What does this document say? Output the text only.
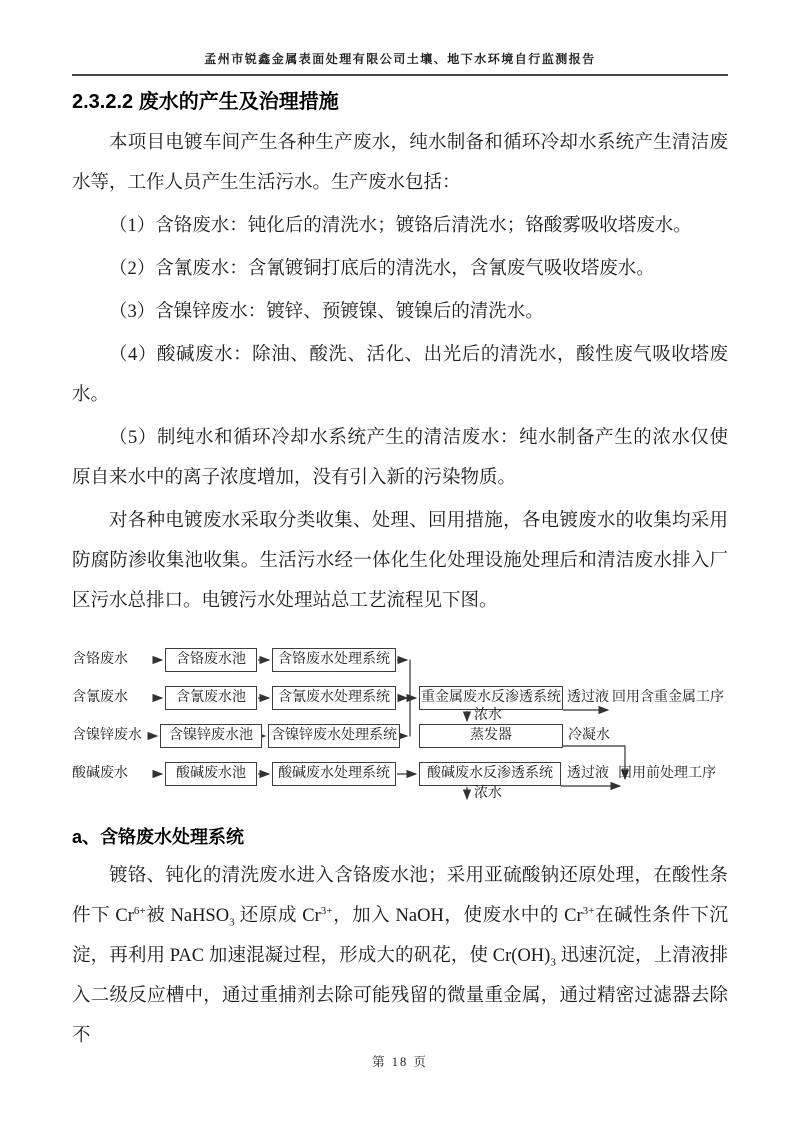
孟州市锐鑫金属表面处理有限公司土壤、地下水环境自行监测报告
2.3.2.2 废水的产生及治理措施

本项目电镀车间产生各种生产废水，纯水制备和循环冷却水系统产生清洁废水等，工作人员产生生活污水。生产废水包括：

（1）含铬废水：钝化后的清洗水；镀铬后清洗水；铬酸雾吸收塔废水。

（2）含氰废水：含氰镀铜打底后的清洗水，含氰废气吸收塔废水。

（3）含镍锌废水：镀锌、预镀镍、镀镍后的清洗水。

（4）酸碱废水：除油、酸洗、活化、出光后的清洗水，酸性废气吸收塔废水。

（5）制纯水和循环冷却水系统产生的清洁废水：纯水制备产生的浓水仅使原自来水中的离子浓度增加，没有引入新的污染物质。

对各种电镀废水采取分类收集、处理、回用措施，各电镀废水的收集均采用防腐防渗收集池收集。生活污水经一体化生化处理设施处理后和清洁废水排入厂区污水总排口。电镀污水处理站总工艺流程见下图。

含铬废水
含氰废水
含镍锌废水
酸碱废水
含铬废水池
含氰废水池
含镍锌废水池
酸碱废水池
含铬废水处理系统
含氰废水处理系统
含镍锌废水处理系统
酸碱废水处理系统
重金属废水反渗透系统 透过液 回用含重金属工序
浓水
蒸发器	冷凝水
酸碱废水反渗透系统	透过液 回用前处理工序
浓水
a、含铬废水处理系统

镀铬、钝化的清洗废水进入含铬废水池；采用亚硫酸钠还原处理，在酸性条件下 $Cr^{6+}$被 NaHSO$_3$ 还原成 $Cr^{3+}$，加入 NaOH，使废水中的 $Cr^{3+}$在碱性条件下沉淀，再利用 PAC 加速混凝过程，形成大的矾花，使 $Cr(OH)_3$ 迅速沉淀，上清液排入二级反应槽中，通过重捕剂去除可能残留的微量重金属，通过精密过滤器去除不

第 18 页
